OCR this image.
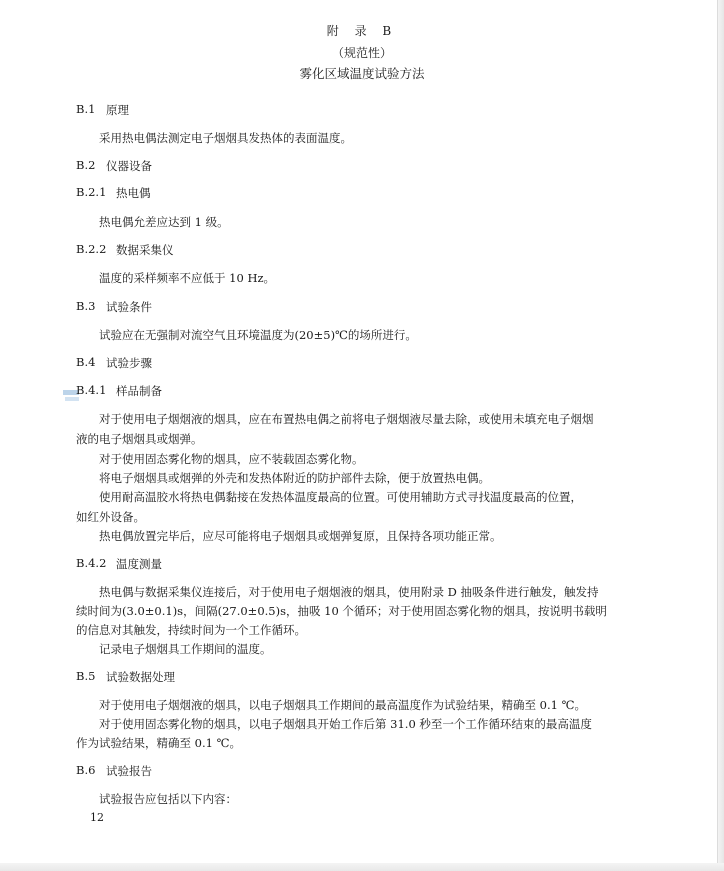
附 录 B
（规范性）
雾化区域温度试验方法
B.1 原理
采用热电偶法测定电子烟烟具发热体的表面温度。
B.2 仪器设备
B.2.1 热电偶
热电偶允差应达到 1 级。
B.2.2 数据采集仪
温度的采样频率不应低于 10 Hz。
B.3 试验条件
试验应在无强制对流空气且环境温度为(20±5)℃的场所进行。
B.4 试验步骤
B.4.1 样品制备
对于使用电子烟烟液的烟具，应在布置热电偶之前将电子烟烟液尽量去除，或使用未填充电子烟烟
液的电子烟烟具或烟弹。
对于使用固态雾化物的烟具，应不装载固态雾化物。
将电子烟烟具或烟弹的外壳和发热体附近的防护部件去除，便于放置热电偶。
使用耐高温胶水将热电偶黏接在发热体温度最高的位置。可使用辅助方式寻找温度最高的位置，
如红外设备。
热电偶放置完毕后，应尽可能将电子烟烟具或烟弹复原，且保持各项功能正常。
B.4.2 温度测量
热电偶与数据采集仪连接后，对于使用电子烟烟液的烟具，使用附录 D 抽吸条件进行触发，触发持
续时间为(3.0±0.1)s，间隔(27.0±0.5)s，抽吸 10 个循环；对于使用固态雾化物的烟具，按说明书载明
的信息对其触发，持续时间为一个工作循环。
记录电子烟烟具工作期间的温度。
B.5 试验数据处理
对于使用电子烟烟液的烟具，以电子烟烟具工作期间的最高温度作为试验结果，精确至 0.1 ℃。
对于使用固态雾化物的烟具，以电子烟烟具开始工作后第 31.0 秒至一个工作循环结束的最高温度
作为试验结果，精确至 0.1 ℃。
B.6 试验报告
试验报告应包括以下内容：
12
